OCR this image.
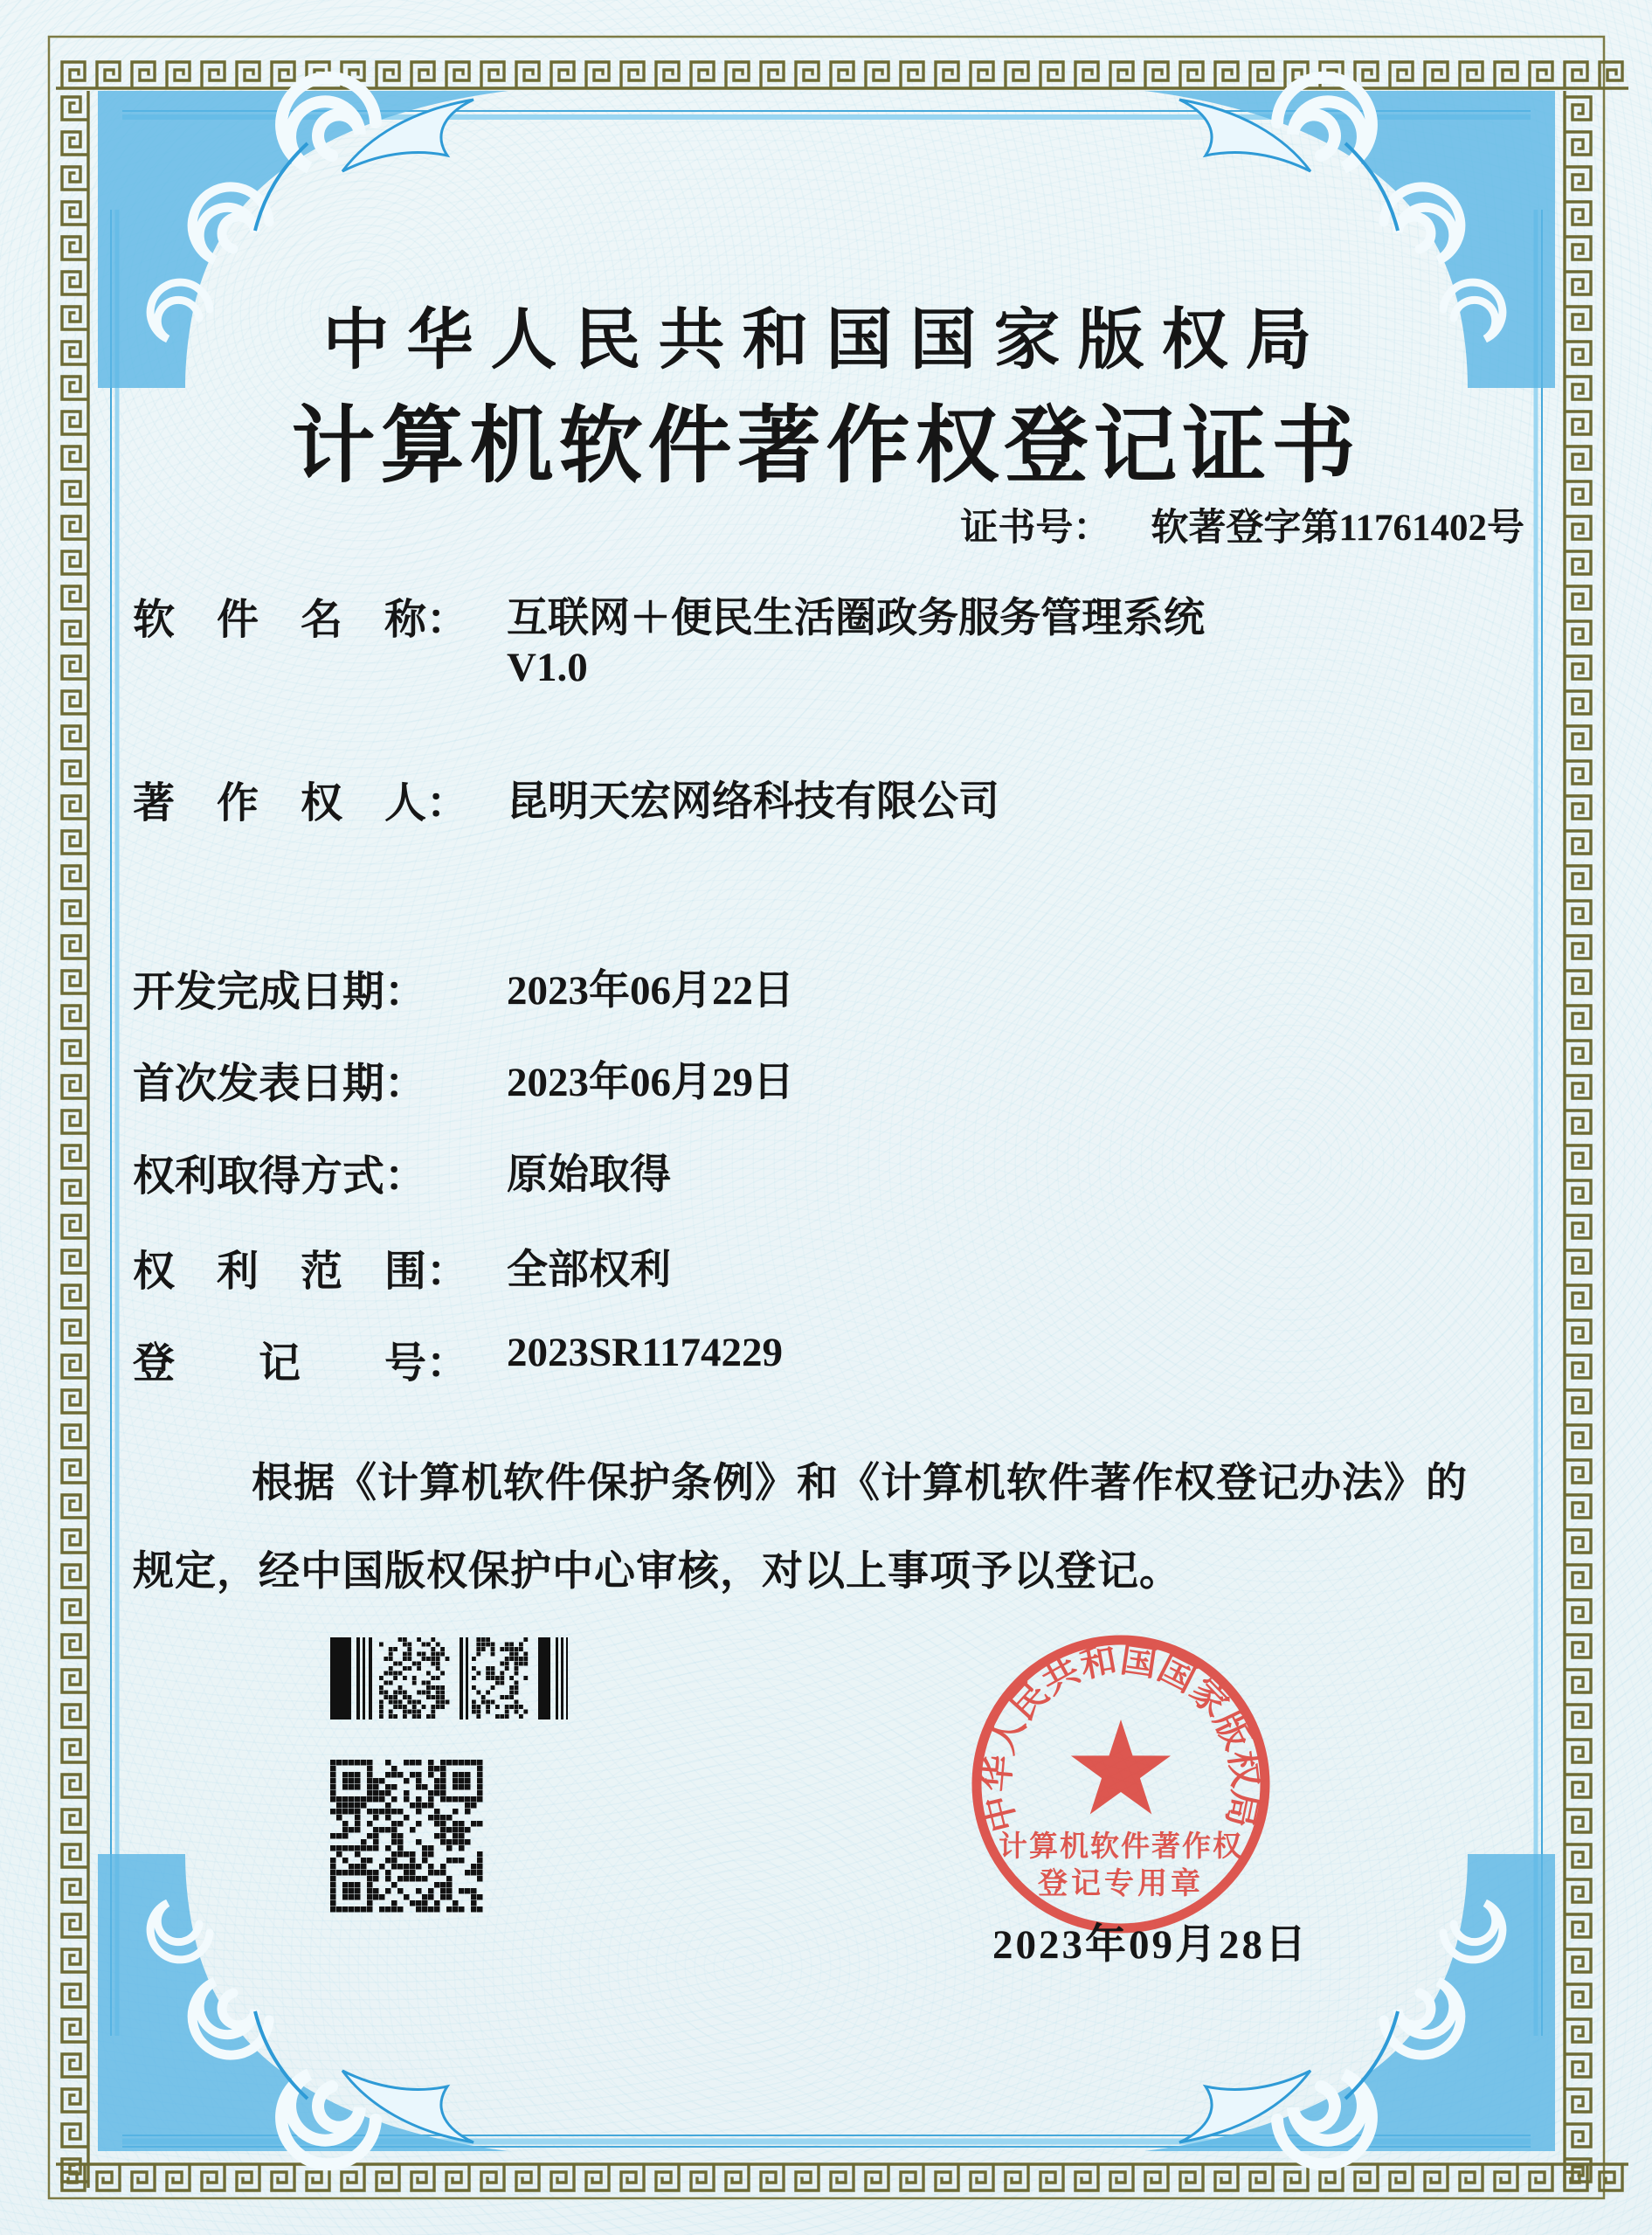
中华人民共和国国家版权局
计算机软件著作权登记证书
证书号： 软著登字第11761402号
软　件　名　称： 互联网＋便民生活圈政务服务管理系统
V1.0
著　作　权　人： 昆明天宏网络科技有限公司
开发完成日期： 2023年06月22日
首次发表日期： 2023年06月29日
权利取得方式： 原始取得
权　利　范　围： 全部权利
登　　记　　号： 2023SR1174229
根据《计算机软件保护条例》和《计算机软件著作权登记办法》的
规定，经中国版权保护中心审核，对以上事项予以登记。
中华人民共和国国家版权局
计算机软件著作权
登记专用章
2023年09月28日
